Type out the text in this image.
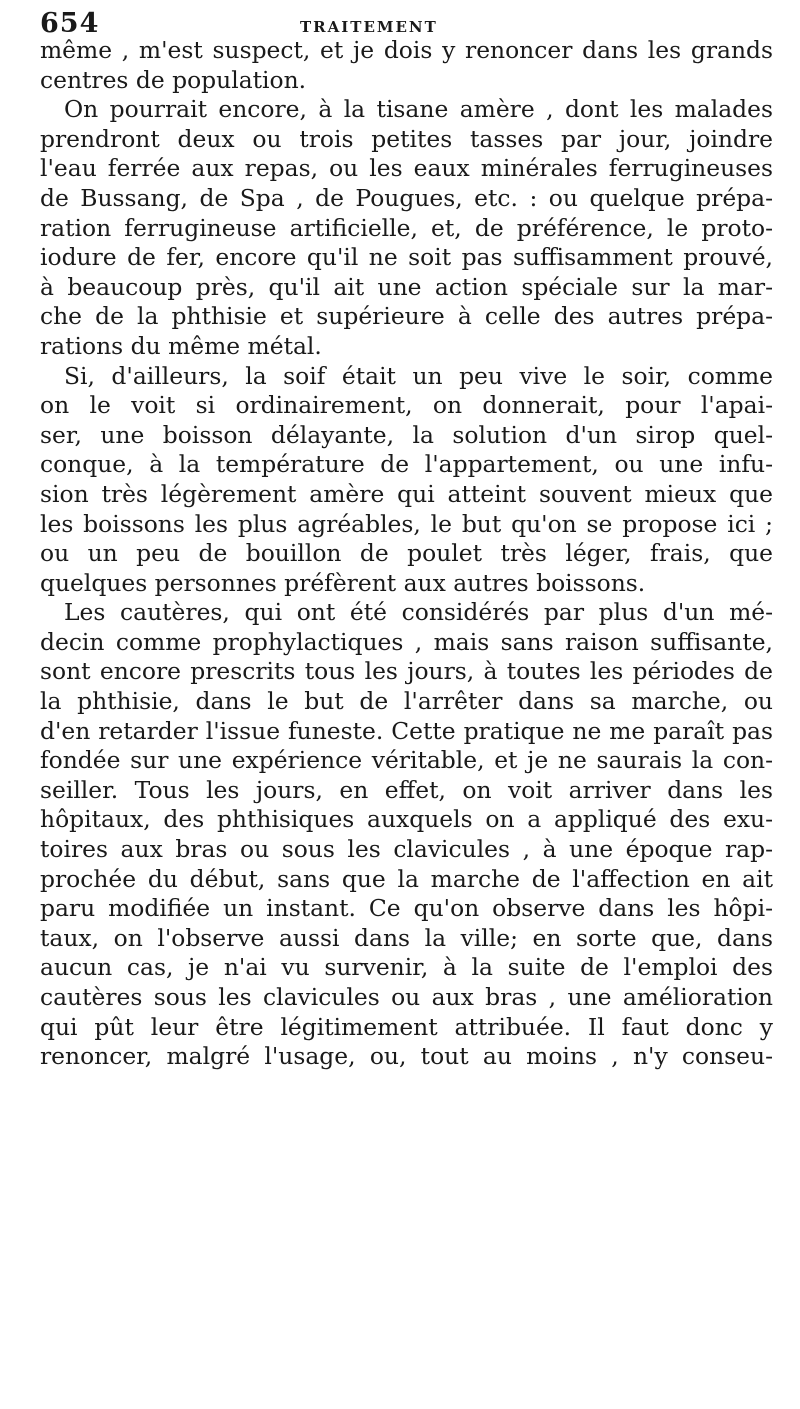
654	TRAITEMENT
même , m'est suspect, et je dois y renoncer dans les grands
centres de population.
On pourrait encore, à la tisane amère , dont les malades
prendront deux ou trois petites tasses par jour, joindre
l'eau ferrée aux repas, ou les eaux minérales ferrugineuses
de Bussang, de Spa , de Pougues, etc. : ou quelque prépa-
ration ferrugineuse artificielle, et, de préférence, le proto-
iodure de fer, encore qu'il ne soit pas suffisamment prouvé,
à beaucoup près, qu'il ait une action spéciale sur la mar-
che de la phthisie et supérieure à celle des autres prépa-
rations du même métal.
Si, d'ailleurs, la soif était un peu vive le soir, comme
on le voit si ordinairement, on donnerait, pour l'apai-
ser, une boisson délayante, la solution d'un sirop quel-
conque, à la température de l'appartement, ou une infu-
sion très légèrement amère qui atteint souvent mieux que
les boissons les plus agréables, le but qu'on se propose ici ;
ou un peu de bouillon de poulet très léger, frais, que
quelques personnes préfèrent aux autres boissons.
Les cautères, qui ont été considérés par plus d'un mé-
decin comme prophylactiques , mais sans raison suffisante,
sont encore prescrits tous les jours, à toutes les périodes de
la phthisie, dans le but de l'arrêter dans sa marche, ou
d'en retarder l'issue funeste. Cette pratique ne me paraît pas
fondée sur une expérience véritable, et je ne saurais la con-
seiller. Tous les jours, en effet, on voit arriver dans les
hôpitaux, des phthisiques auxquels on a appliqué des exu-
toires aux bras ou sous les clavicules , à une époque rap-
prochée du début, sans que la marche de l'affection en ait
paru modifiée un instant. Ce qu'on observe dans les hôpi-
taux, on l'observe aussi dans la ville; en sorte que, dans
aucun cas, je n'ai vu survenir, à la suite de l'emploi des
cautères sous les clavicules ou aux bras , une amélioration
qui pût leur être légitimement attribuée. Il faut donc y
renoncer, malgré l'usage, ou, tout au moins , n'y conseu-
